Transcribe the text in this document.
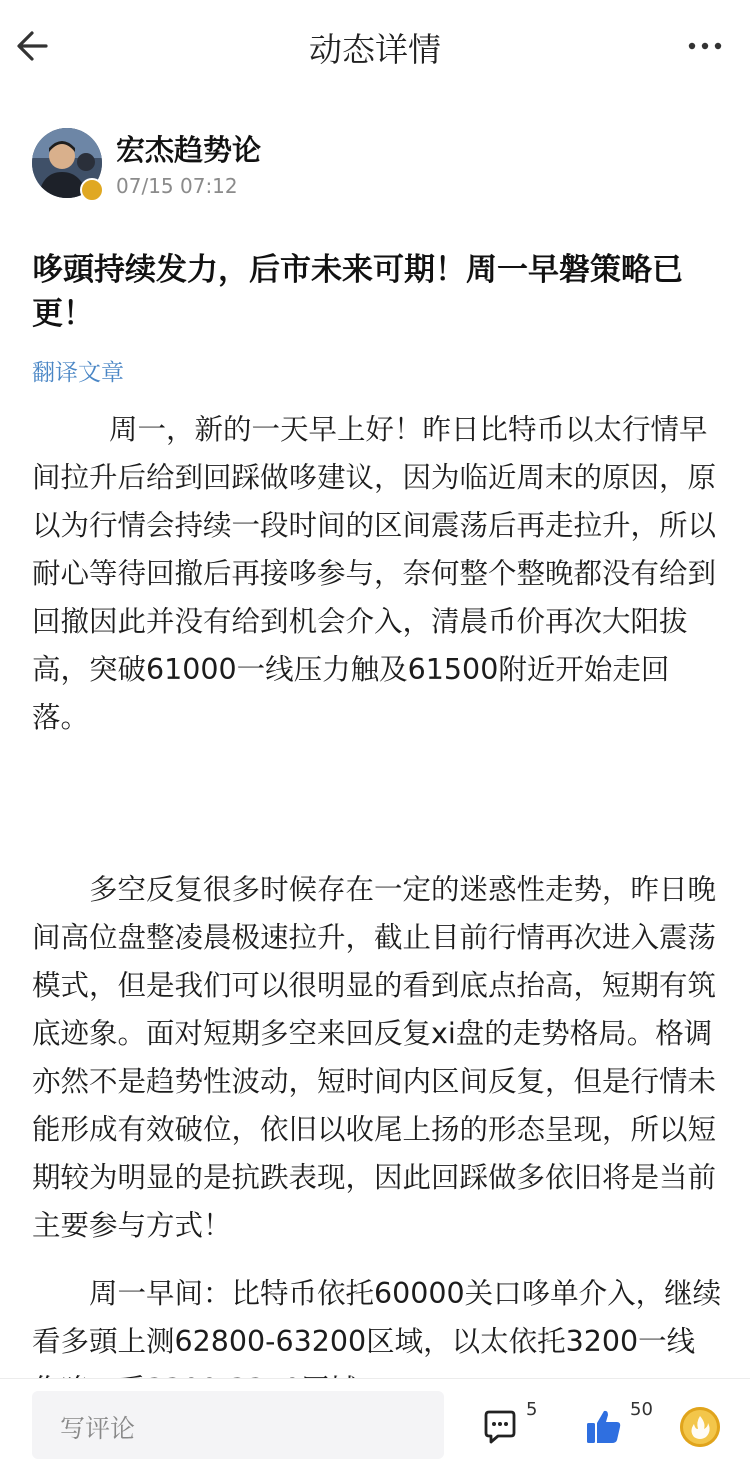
动态详情
宏杰趋势论
07/15 07:12
哆頭持续发力，后市未来可期！周一早磐策略已更！
翻译文章

周一，新的一天早上好！昨日比特币以太行情早间拉升后给到回踩做哆建议，因为临近周末的原因，原以为行情会持续一段时间的区间震荡后再走拉升，所以耐心等待回撤后再接哆参与，奈何整个整晚都没有给到回撤因此并没有给到机会介入，清晨币价再次大阳拔高，突破61000一线压力触及61500附近开始走回落。

多空反复很多时候存在一定的迷惑性走势，昨日晚间高位盘整凌晨极速拉升，截止目前行情再次进入震荡模式，但是我们可以很明显的看到底点抬高，短期有筑底迹象。面对短期多空来回反复xi盘的走势格局。格调亦然不是趋势性波动，短时间内区间反复，但是行情未能形成有效破位，依旧以收尾上扬的形态呈现，所以短期较为明显的是抗跌表现，因此回踩做多依旧将是当前主要参与方式！

周一早间：比特币依托60000关口哆单介入，继续看多頭上测62800-63200区域，以太依托3200一线

写评论
5	50
